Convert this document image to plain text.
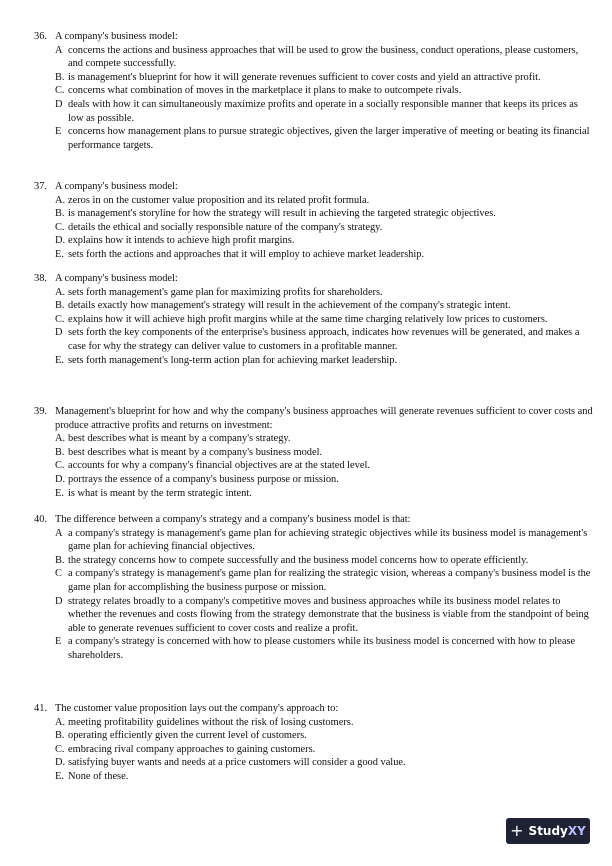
36. A company's business model:
A concerns the actions and business approaches that will be used to grow the business, conduct operations, please customers, and compete successfully.
B. is management's blueprint for how it will generate revenues sufficient to cover costs and yield an attractive profit.
C. concerns what combination of moves in the marketplace it plans to make to outcompete rivals.
D deals with how it can simultaneously maximize profits and operate in a socially responsible manner that keeps its prices as low as possible.
E concerns how management plans to pursue strategic objectives, given the larger imperative of meeting or beating its financial performance targets.
37. A company's business model:
A. zeros in on the customer value proposition and its related profit formula.
B. is management's storyline for how the strategy will result in achieving the targeted strategic objectives.
C. details the ethical and socially responsible nature of the company's strategy.
D. explains how it intends to achieve high profit margins.
E. sets forth the actions and approaches that it will employ to achieve market leadership.
38. A company's business model:
A. sets forth management's game plan for maximizing profits for shareholders.
B. details exactly how management's strategy will result in the achievement of the company's strategic intent.
C. explains how it will achieve high profit margins while at the same time charging relatively low prices to customers.
D sets forth the key components of the enterprise's business approach, indicates how revenues will be generated, and makes a case for why the strategy can deliver value to customers in a profitable manner.
E. sets forth management's long-term action plan for achieving market leadership.
39. Management's blueprint for how and why the company's business approaches will generate revenues sufficient to cover costs and produce attractive profits and returns on investment:
A. best describes what is meant by a company's strategy.
B. best describes what is meant by a company's business model.
C. accounts for why a company's financial objectives are at the stated level.
D. portrays the essence of a company's business purpose or mission.
E. is what is meant by the term strategic intent.
40. The difference between a company's strategy and a company's business model is that:
A a company's strategy is management's game plan for achieving strategic objectives while its business model is management's game plan for achieving financial objectives.
B. the strategy concerns how to compete successfully and the business model concerns how to operate efficiently.
C a company's strategy is management's game plan for realizing the strategic vision, whereas a company's business model is the game plan for accomplishing the business purpose or mission.
D strategy relates broadly to a company's competitive moves and business approaches while its business model relates to whether the revenues and costs flowing from the strategy demonstrate that the business is viable from the standpoint of being able to generate revenues sufficient to cover costs and realize a profit.
E a company's strategy is concerned with how to please customers while its business model is concerned with how to please shareholders.
41. The customer value proposition lays out the company's approach to:
A. meeting profitability guidelines without the risk of losing customers.
B. operating efficiently given the current level of customers.
C. embracing rival company approaches to gaining customers.
D. satisfying buyer wants and needs at a price customers will consider a good value.
E. None of these.
+ Study XY
